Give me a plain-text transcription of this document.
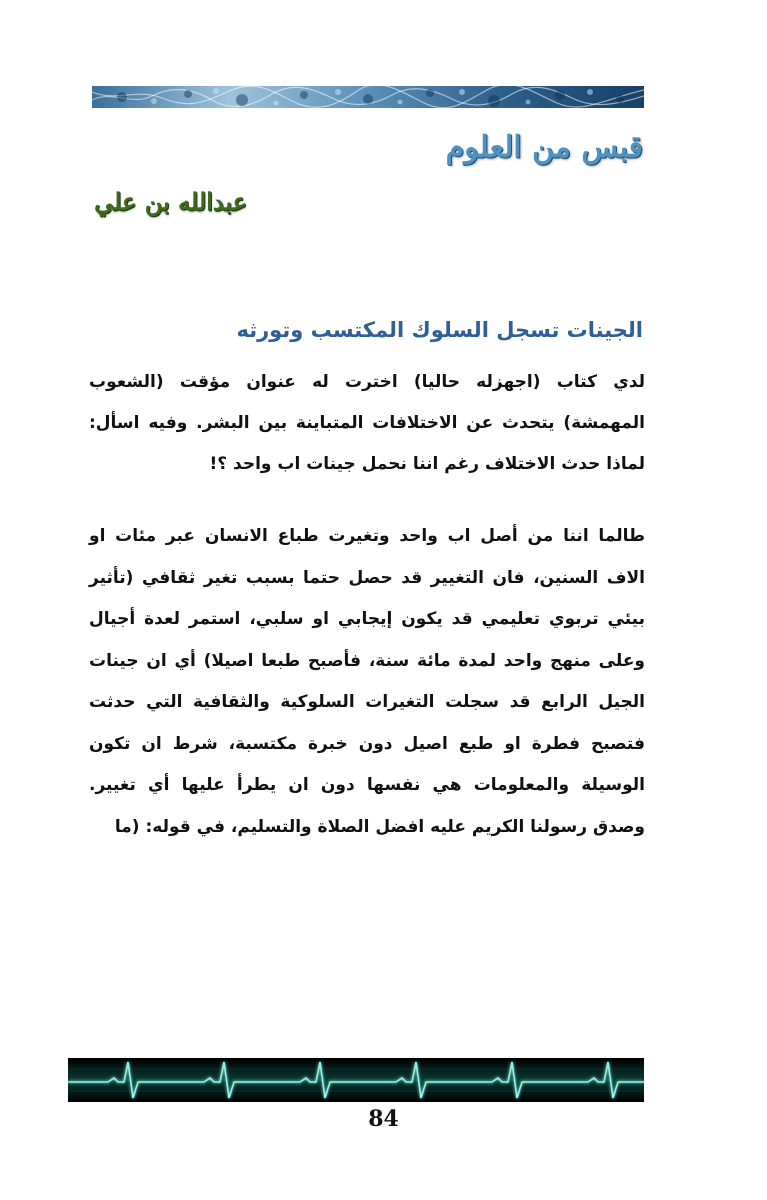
قبس من العلوم
عبدالله بن علي
الجينات تسجل السلوك المكتسب وتورثه

لدي كتاب (اجهزله حاليا) اخترت له عنوان مؤقت (الشعوب المهمشة) يتحدث عن الاختلافات المتباينة بين البشر. وفيه اسأل: لماذا حدث الاختلاف رغم اننا نحمل جينات اب واحد ؟!

طالما اننا من أصل اب واحد وتغيرت طباع الانسان عبر مئات او الاف السنين، فان التغيير قد حصل حتما بسبب تغير ثقافي (تأثير بيئي تربوي تعليمي قد يكون إيجابي او سلبي، استمر لعدة أجيال وعلى منهج واحد لمدة مائة سنة، فأصبح طبعا اصيلا) أي ان جينات الجيل الرابع قد سجلت التغيرات السلوكية والثقافية التي حدثت فتصبح فطرة او طبع اصيل دون خبرة مكتسبة، شرط ان تكون الوسيلة والمعلومات هي نفسها دون ان يطرأ عليها أي تغيير. وصدق رسولنا الكريم عليه افضل الصلاة والتسليم، في قوله: (ما

84
